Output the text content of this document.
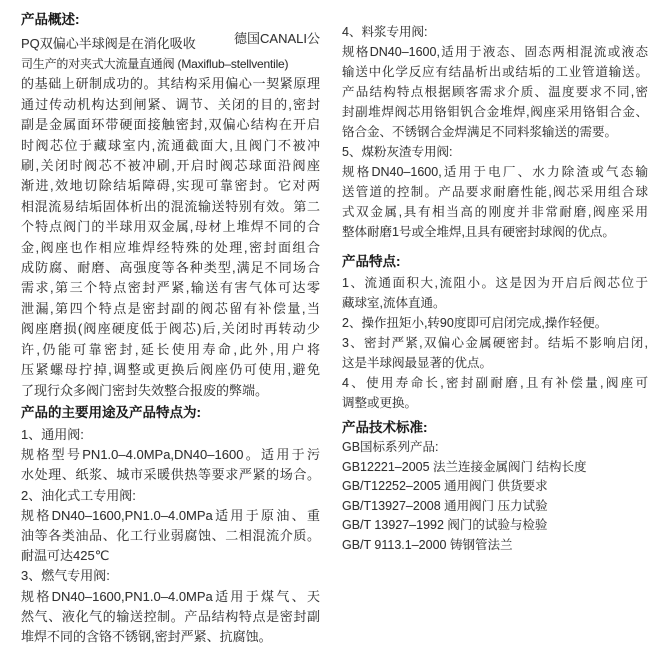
产品概述:
PQ双偏心半球阀是在消化吸收	德国CANALI公
司生产的对夹式大流量直通阀 (Maxiflub–stellventile)
的基础上研制成功的。其结构采用偏心一契紧原理
通过传动机构达到闸紧、调节、关闭的目的,密封
副是金属面环带硬面接触密封,双偏心结构在开启
时阀芯位于藏球室内,流通截面大,且阀门不被冲
刷,关闭时阀芯不被冲刷,开启时阀芯球面沿阀座
渐进,效地切除结垢障碍,实现可靠密封。它对两
相混流易结垢固体析出的混流输送特别有效。第二
个特点阀门的半球用双金属,母材上堆焊不同的合
金,阀座也作相应堆焊经特殊的处理,密封面组合
成防腐、耐磨、高强度等各种类型,满足不同场合
需求,第三个特点密封严紧,输送有害气体可达零
泄漏,第四个特点是密封副的阀芯留有补偿量,当
阀座磨损(阀座硬度低于阀芯)后,关闭时再转动少
许,仍能可靠密封,延长使用寿命,此外,用户将
压紧螺母拧掉,调整或更换后阀座仍可使用,避免
了现行众多阀门密封失效整合报废的弊端。
产品的主要用途及产品特点为:
1、通用阀:
规格型号PN1.0–4.0MPa,DN40–1600。适用于污
水处理、纸浆、城市采暖供热等要求严紧的场合。
2、油化式工专用阀:
规格DN40–1600,PN1.0–4.0MPa适用于原油、重
油等各类油品、化工行业弱腐蚀、二相混流介质。
耐温可达425℃
3、燃气专用阀:
规格DN40–1600,PN1.0–4.0MPa适用于煤气、天
然气、液化气的输送控制。产品结构特点是密封副
堆焊不同的含铬不锈钢,密封严紧、抗腐蚀。
4、料浆专用阀:
规格DN40–1600,适用于液态、固态两相混流或液态
输送中化学反应有结晶析出或结垢的工业管道输送。
产品结构特点根据顾客需求介质、温度要求不同,密
封副堆焊阀芯用铬钼钒合金堆焊,阀座采用铬钼合金、
铬合金、不锈钢合金焊满足不同料浆输送的需要。
5、煤粉灰渣专用阀:
规格DN40–1600,适用于电厂、水力除渣或气态输
送管道的控制。产品要求耐磨性能,阀芯采用组合球
式双金属,具有相当高的刚度并非常耐磨,阀座采用
整体耐磨1号或全堆焊,且具有硬密封球阀的优点。
产品特点:
1、流通面积大,流阻小。这是因为开启后阀芯位于
藏球室,流体直通。
2、操作扭矩小,转90度即可启闭完成,操作轻便。
3、密封严紧,双偏心金属硬密封。结垢不影响启闭,
这是半球阀最显著的优点。
4、使用寿命长,密封副耐磨,且有补偿量,阀座可
调整或更换。
产品技术标准:
GB国标系列产品:
GB12221–2005 法兰连接金属阀门 结构长度
GB/T12252–2005 通用阀门 供货要求
GB/T13927–2008 通用阀门 压力试验
GB/T 13927–1992 阀门的试验与检验
GB/T 9113.1–2000 铸钢管法兰
